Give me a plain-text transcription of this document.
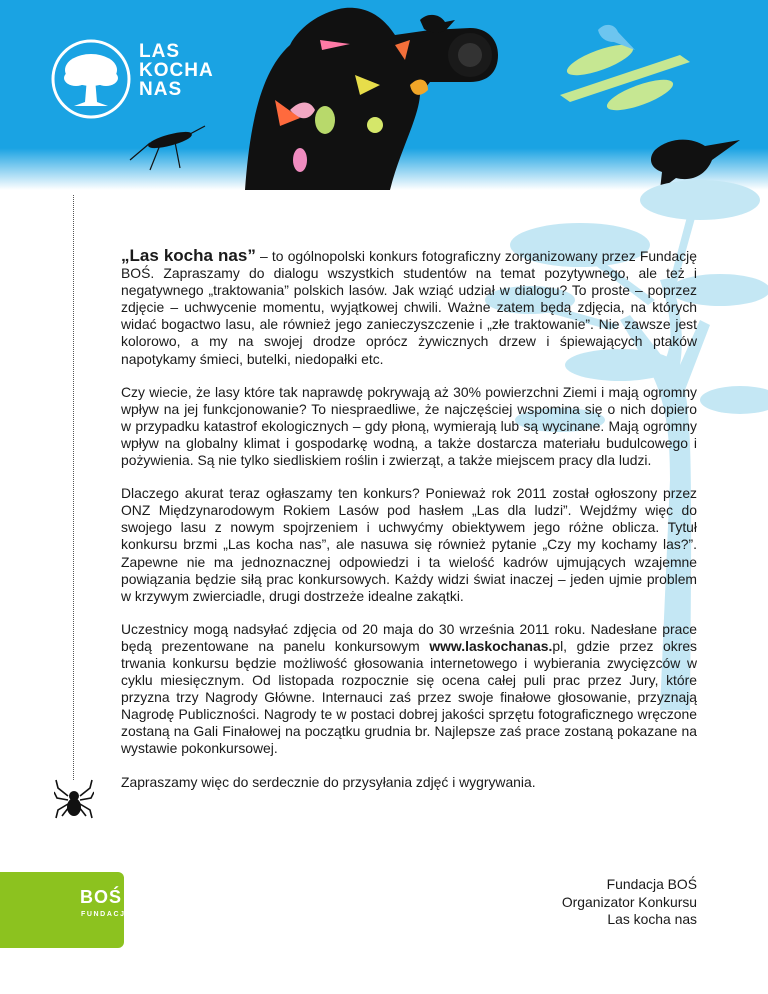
LAS
KOCHA
NAS

„Las kocha nas” – to ogólnopolski konkurs fotograficzny zorganizowany przez Fundację BOŚ. Zapraszamy do dialogu wszystkich studentów na temat pozytywnego, ale też i negatywnego „traktowania” polskich lasów. Jak wziąć udział w dialogu? To proste – poprzez zdjęcie – uchwycenie momentu, wyjątkowej chwili. Ważne zatem będą zdjęcia, na których widać bogactwo lasu, ale również jego zanieczyszczenie i „złe traktowanie”. Nie zawsze jest kolorowo, a my na swojej drodze oprócz żywicznych drzew i śpiewających ptaków napotykamy śmieci, butelki, niedopałki etc.

Czy wiecie, że lasy które tak naprawdę pokrywają aż 30% powierzchni Ziemi i mają ogromny wpływ na jej funkcjonowanie? To niespraedliwe, że najczęściej wspomina się o nich dopiero w przypadku katastrof ekologicznych – gdy płoną, wymierają lub są wycinane. Mają ogromny wpływ na globalny klimat i gospodarkę wodną, a także dostarcza materiału budulcowego i pożywienia. Są nie tylko siedliskiem roślin i zwierząt, a także miejscem pracy dla ludzi.

Dlaczego akurat teraz ogłaszamy ten konkurs? Ponieważ rok 2011 został ogłoszony przez ONZ Międzynarodowym Rokiem Lasów pod hasłem „Las dla ludzi”. Wejdźmy więc do swojego lasu z nowym spojrzeniem i uchwyćmy obiektywem jego różne oblicza. Tytuł konkursu brzmi „Las kocha nas”, ale nasuwa się również pytanie „Czy my kochamy las?”. Zapewne nie ma jednoznacznej odpowiedzi i ta wielość kadrów ujmujących wzajemne powiązania będzie siłą prac konkursowych. Każdy widzi świat inaczej – jeden ujmie problem w krzywym zwierciadle, drugi dostrzeże idealne zakątki.

Uczestnicy mogą nadsyłać zdjęcia od 20 maja do 30 września 2011 roku. Nadesłane prace będą prezentowane na panelu konkursowym www.laskochanas.pl, gdzie przez okres trwania konkursu będzie możliwość głosowania internetowego i wybierania zwycięzców w cyklu miesięcznym. Od listopada rozpocznie się ocena całej puli prac przez Jury, które przyzna trzy Nagrody Główne. Internauci zaś przez swoje finałowe głosowanie, przyznają Nagrodę Publiczności. Nagrody te w postaci dobrej jakości sprzętu fotograficznego wręczone zostaną na Gali Finałowej na początku grudnia br. Najlepsze zaś prace zostaną pokazane na wystawie pokonkursowej.

Zapraszamy więc do serdecznie do przysyłania zdjęć i wygrywania.

BOŚ
FUNDACJA
Fundacja BOŚ
Organizator Konkursu
Las kocha nas
